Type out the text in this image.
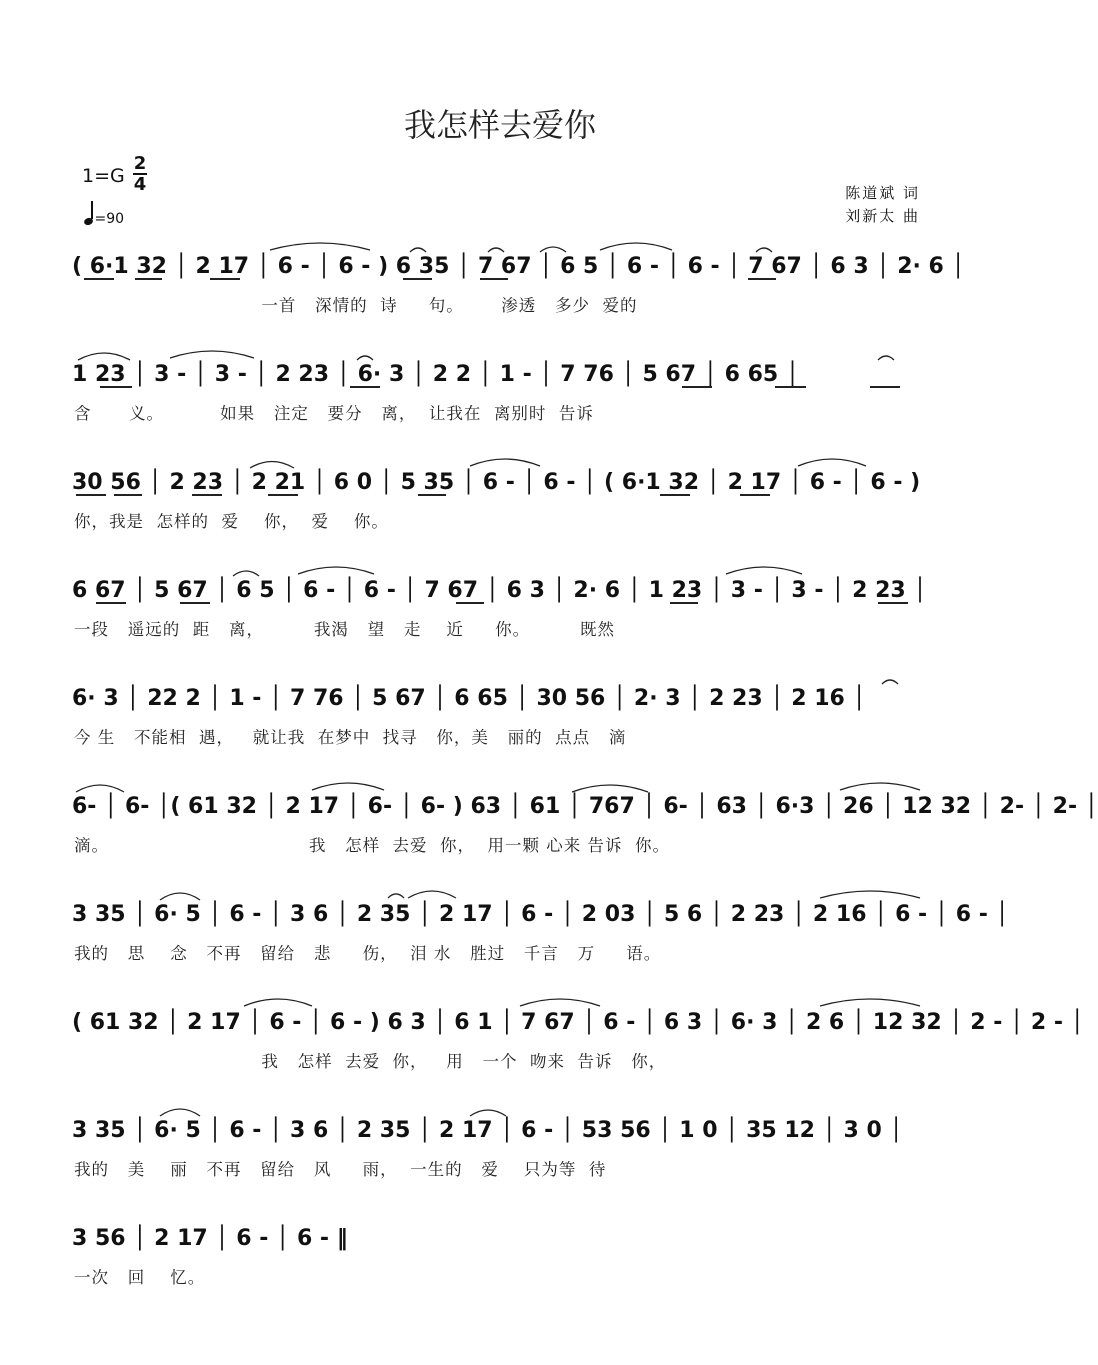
我怎样去爱你
1=G
2
4
=90
陈道斌 词
刘新太 曲
( 6·1 32 │ 2 17 │ 6 - │ 6 - ) 6 35 │ 7 67 │ 6 5 │ 6 - │ 6 - │ 7 67 │ 6 3 │ 2· 6 │
一首   深情的  诗     句。      渗透   多少  爱的
1 23 │ 3 - │ 3 - │ 2 23 │ 6· 3 │ 2 2 │ 1 - │ 7 76 │ 5 67 │ 6 65 │
含      义。         如果   注定   要分   离，  让我在  离别时  告诉
30 56 │ 2 23 │ 2 21 │ 6 0 │ 5 35 │ 6 - │ 6 - │ ( 6·1 32 │ 2 17 │ 6 - │ 6 - )
你，我是  怎样的  爱    你，  爱    你。
6 67 │ 5 67 │ 6 5 │ 6 - │ 6 - │ 7 67 │ 6 3 │ 2· 6 │ 1 23 │ 3 - │ 3 - │ 2 23 │
一段   遥远的  距   离，        我渴   望   走    近     你。        既然
6· 3 │ 22 2 │ 1 - │ 7 76 │ 5 67 │ 6 65 │ 30 56 │ 2· 3 │ 2 23 │ 2 16 │
今 生   不能相  遇，   就让我  在梦中  找寻   你，美   丽的  点点   滴
6- │ 6- │( 61 32 │ 2 17 │ 6- │ 6- ) 63 │ 61 │ 767 │ 6- │ 63 │ 6·3 │ 26 │ 12 32 │ 2- │ 2- │
滴。                                我   怎样  去爱  你，  用一颗 心来 告诉  你。
3 35 │ 6· 5 │ 6 - │ 3 6 │ 2 35 │ 2 17 │ 6 - │ 2 03 │ 5 6 │ 2 23 │ 2 16 │ 6 - │ 6 - │
我的   思    念   不再   留给   悲     伤，  泪 水   胜过   千言   万     语。
( 61 32 │ 2 17 │ 6 - │ 6 - ) 6 3 │ 6 1 │ 7 67 │ 6 - │ 6 3 │ 6· 3 │ 2 6 │ 12 32 │ 2 - │ 2 - │
我   怎样  去爱  你，   用   一个  吻来  告诉   你，
3 35 │ 6· 5 │ 6 - │ 3 6 │ 2 35 │ 2 17 │ 6 - │ 53 56 │ 1 0 │ 35 12 │ 3 0 │
我的   美    丽   不再   留给   风     雨，  一生的   爱    只为等  待
3 56 │ 2 17 │ 6 - │ 6 - ‖
一次   回    忆。
